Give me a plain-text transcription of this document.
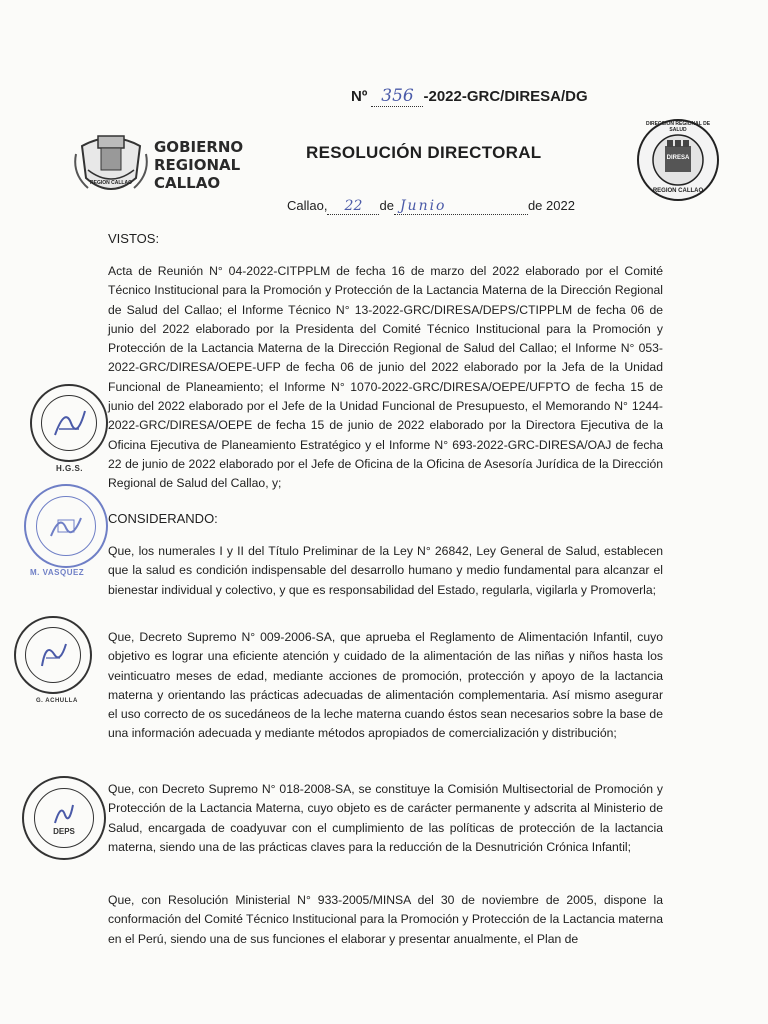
Nº 356 -2022-GRC/DIRESA/DG
REGION CALLAO
GOBIERNO
REGIONAL
CALLAO
RESOLUCIÓN DIRECTORAL
DIRECCION REGIONAL DE SALUD
DIRESA
REGION CALLAO
Callao, 22 de Junio	de 2022
VISTOS:
Acta de Reunión N° 04-2022-CITPPLM de fecha 16 de marzo del 2022 elaborado por el Comité Técnico Institucional para la Promoción y Protección de la Lactancia Materna de la Dirección Regional de Salud del Callao; el Informe Técnico N° 13-2022-GRC/DIRESA/DEPS/CTIPPLM de fecha 06 de junio del 2022 elaborado por la Presidenta del Comité Técnico Institucional para la Promoción y Protección de la Lactancia Materna de la Dirección Regional de Salud del Callao; el Informe N° 053-2022-GRC/DIRESA/OEPE-UFP de fecha 06 de junio del 2022 elaborado por la Jefa de la Unidad Funcional de Planeamiento; el Informe N° 1070-2022-GRC/DIRESA/OEPE/UFPTO de fecha 15 de junio del 2022 elaborado por el Jefe de la Unidad Funcional de Presupuesto, el Memorando N° 1244-2022-GRC/DIRESA/OEPE de fecha 15 de junio de 2022 elaborado por la Directora Ejecutiva de la Oficina Ejecutiva de Planeamiento Estratégico y el Informe N° 693-2022-GRC-DIRESA/OAJ de fecha 22 de junio de 2022 elaborado por el Jefe de Oficina de la Oficina de Asesoría Jurídica de la Dirección Regional de Salud del Callao, y;
CONSIDERANDO:
Que, los numerales I y II del Título Preliminar de la Ley N° 26842, Ley General de Salud, establecen que la salud es condición indispensable del desarrollo humano y medio fundamental para alcanzar el bienestar individual y colectivo, y que es responsabilidad del Estado, regularla, vigilarla y Promoverla;
Que, Decreto Supremo N° 009-2006-SA, que aprueba el Reglamento de Alimentación Infantil, cuyo objetivo es lograr una eficiente atención y cuidado de la alimentación de las niñas y niños hasta los veinticuatro meses de edad, mediante acciones de promoción, protección y apoyo de la lactancia materna y orientando las prácticas adecuadas de alimentación complementaria. Así mismo asegurar el uso correcto de os sucedáneos de la leche materna cuando éstos sean necesarios sobre la base de una información adecuada y mediante métodos apropiados de comercialización y distribución;
Que, con Decreto Supremo N° 018-2008-SA, se constituye la Comisión Multisectorial de Promoción y Protección de la Lactancia Materna, cuyo objeto es de carácter permanente y adscrita al Ministerio de Salud, encargada de coadyuvar con el cumplimiento de las políticas de protección de la lactancia materna, siendo una de las prácticas claves para la reducción de la Desnutrición Crónica Infantil;
Que, con Resolución Ministerial N° 933-2005/MINSA del 30 de noviembre de 2005, dispone la conformación del Comité Técnico Institucional para la Promoción y Protección de la Lactancia materna en el Perú, siendo una de sus funciones el elaborar y presentar anualmente, el Plan de
H.G.S.
M. VASQUEZ
G. ACHULLA
DEPS
